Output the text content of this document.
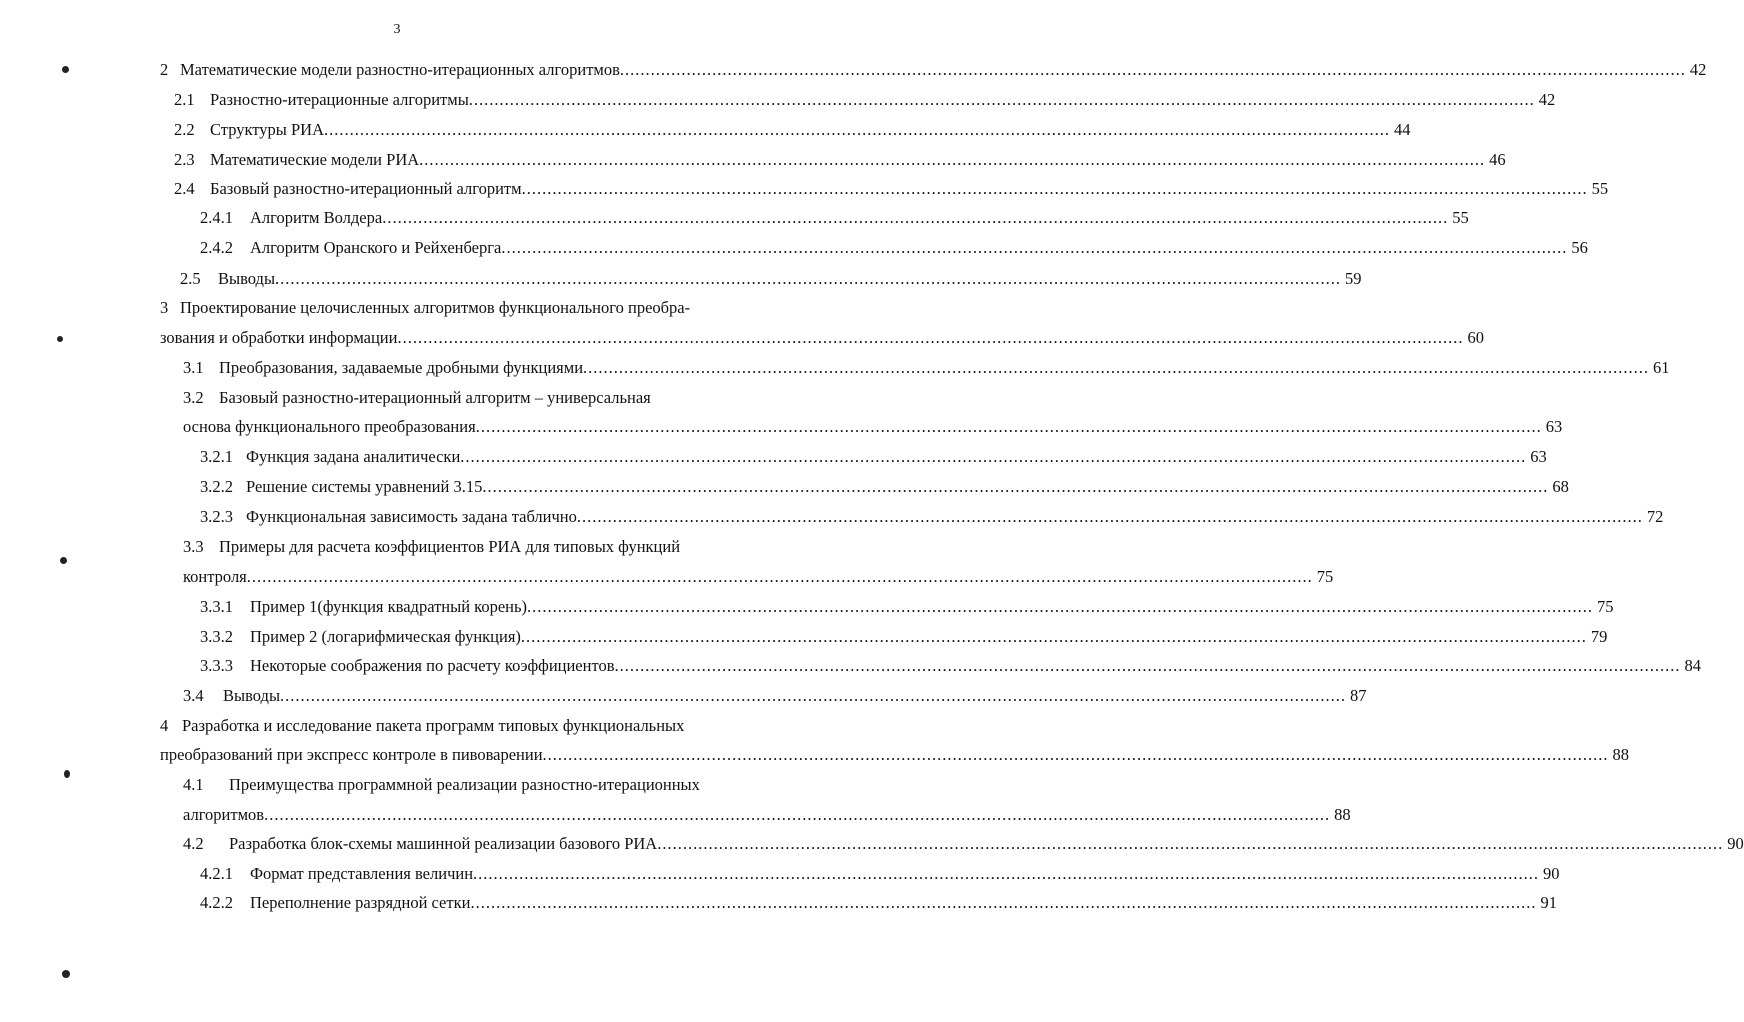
3
2 Математические модели разностно-итерационных алгоритмов .....	42
2.1 Разностно-итерационные алгоритмы .....	42
2.2 Структуры РИА .....	44
2.3 Математические модели РИА .....	46
2.4 Базовый разностно-итерационный алгоритм .....	55
2.4.1	Алгоритм Волдера .....	55
2.4.2	Алгоритм Оранского и Рейхенберга .....	56
2.5	Выводы .....	59
3 Проектирование целочисленных алгоритмов функционального преобра-
зования и обработки информации .....	60
3.1 Преобразования, задаваемые дробными функциями .....	61
3.2 Базовый разностно-итерационный алгоритм – универсальная
основа функционального преобразования .....	63
3.2.1 Функция задана аналитически .....	63
3.2.2 Решение системы уравнений 3.15 .....	68
3.2.3 Функциональная зависимость задана таблично .....	72
3.3 Примеры для расчета коэффициентов РИА для типовых функций
контроля .....	75
3.3.1	Пример 1(функция квадратный корень) .....	75
3.3.2	Пример 2 (логарифмическая функция) .....	79
3.3.3	Некоторые соображения по расчету коэффициентов .....	84
3.4	Выводы .....	87
4 Разработка и исследование пакета программ типовых функциональных
преобразований при экспресс контроле в пивоварении .....	88
4.1 Преимущества программной реализации разностно-итерационных
алгоритмов .....	88
4.2	Разработка блок-схемы машинной реализации базового РИА .....	90
4.2.1	Формат представления величин .....	90
4.2.2	Переполнение разрядной сетки .....	91
